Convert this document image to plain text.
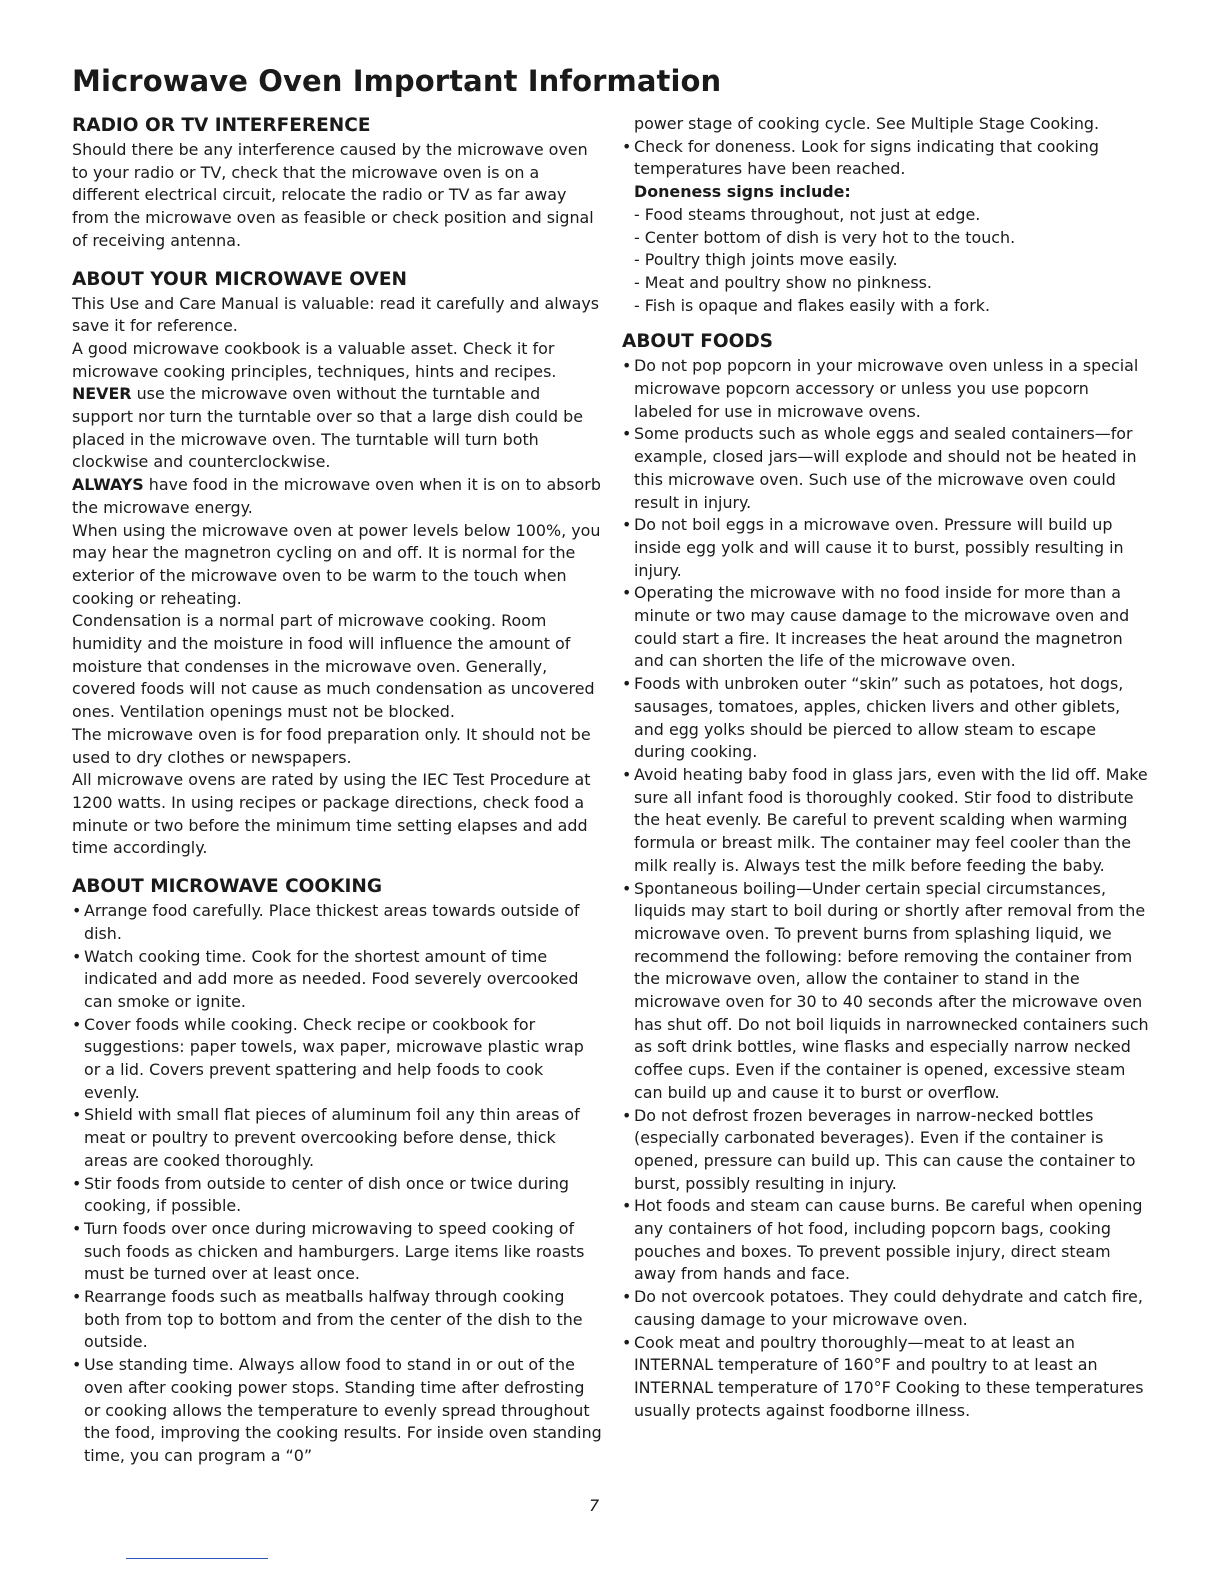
Microwave Oven Important Information
RADIO OR TV INTERFERENCE

Should there be any interference caused by the microwave oven to your radio or TV, check that the microwave oven is on a different electrical circuit, relocate the radio or TV as far away from the microwave oven as feasible or check position and signal of receiving antenna.

ABOUT YOUR MICROWAVE OVEN

This Use and Care Manual is valuable: read it carefully and always save it for reference.

A good microwave cookbook is a valuable asset. Check it for microwave cooking principles, techniques, hints and recipes.

NEVER use the microwave oven without the turntable and support nor turn the turntable over so that a large dish could be placed in the microwave oven. The turntable will turn both clockwise and counterclockwise.

ALWAYS have food in the microwave oven when it is on to absorb the microwave energy.

When using the microwave oven at power levels below 100%, you may hear the magnetron cycling on and off. It is normal for the exterior of the microwave oven to be warm to the touch when cooking or reheating.

Condensation is a normal part of microwave cooking. Room humidity and the moisture in food will influence the amount of moisture that condenses in the microwave oven. Generally, covered foods will not cause as much condensation as uncovered ones. Ventilation openings must not be blocked.

The microwave oven is for food preparation only. It should not be used to dry clothes or newspapers.

All microwave ovens are rated by using the IEC Test Procedure at 1200 watts. In using recipes or package directions, check food a minute or two before the minimum time setting elapses and add time accordingly.

ABOUT MICROWAVE COOKING
• Arrange food carefully. Place thickest areas towards outside of dish.
• Watch cooking time. Cook for the shortest amount of time indicated and add more as needed. Food severely overcooked can smoke or ignite.
• Cover foods while cooking. Check recipe or cookbook for suggestions: paper towels, wax paper, microwave plastic wrap or a lid. Covers prevent spattering and help foods to cook evenly.
• Shield with small flat pieces of aluminum foil any thin areas of meat or poultry to prevent overcooking before dense, thick areas are cooked thoroughly.
• Stir foods from outside to center of dish once or twice during cooking, if possible.
• Turn foods over once during microwaving to speed cooking of such foods as chicken and hamburgers. Large items like roasts must be turned over at least once.
• Rearrange foods such as meatballs halfway through cooking both from top to bottom and from the center of the dish to the outside.
• Use standing time. Always allow food to stand in or out of the oven after cooking power stops. Standing time after defrosting or cooking allows the temperature to evenly spread throughout the food, improving the cooking results. For inside oven standing time, you can program a “0”

power stage of cooking cycle. See Multiple Stage Cooking.

• Check for doneness. Look for signs indicating that cooking temperatures have been reached.

Doneness signs include:

- Food steams throughout, not just at edge.
- Center bottom of dish is very hot to the touch.
- Poultry thigh joints move easily.
- Meat and poultry show no pinkness.
- Fish is opaque and flakes easily with a fork.
ABOUT FOODS
• Do not pop popcorn in your microwave oven unless in a special microwave popcorn accessory or unless you use popcorn labeled for use in microwave ovens.
• Some products such as whole eggs and sealed containers—for example, closed jars—will explode and should not be heated in this microwave oven. Such use of the microwave oven could result in injury.
• Do not boil eggs in a microwave oven. Pressure will build up inside egg yolk and will cause it to burst, possibly resulting in injury.
• Operating the microwave with no food inside for more than a minute or two may cause damage to the microwave oven and could start a fire. It increases the heat around the magnetron and can shorten the life of the microwave oven.
• Foods with unbroken outer “skin” such as potatoes, hot dogs, sausages, tomatoes, apples, chicken livers and other giblets, and egg yolks should be pierced to allow steam to escape during cooking.
• Avoid heating baby food in glass jars, even with the lid off. Make sure all infant food is thoroughly cooked. Stir food to distribute the heat evenly. Be careful to prevent scalding when warming formula or breast milk. The container may feel cooler than the milk really is. Always test the milk before feeding the baby.
• Spontaneous boiling—Under certain special circumstances, liquids may start to boil during or shortly after removal from the microwave oven. To prevent burns from splashing liquid, we recommend the following: before removing the container from the microwave oven, allow the container to stand in the microwave oven for 30 to 40 seconds after the microwave oven has shut off. Do not boil liquids in narrownecked containers such as soft drink bottles, wine flasks and especially narrow necked coffee cups. Even if the container is opened, excessive steam can build up and cause it to burst or overflow.
• Do not defrost frozen beverages in narrow-necked bottles (especially carbonated beverages). Even if the container is opened, pressure can build up. This can cause the container to burst, possibly resulting in injury.
• Hot foods and steam can cause burns. Be careful when opening any containers of hot food, including popcorn bags, cooking pouches and boxes. To prevent possible injury, direct steam away from hands and face.
• Do not overcook potatoes. They could dehydrate and catch fire, causing damage to your microwave oven.
• Cook meat and poultry thoroughly—meat to at least an INTERNAL temperature of 160°F and poultry to at least an INTERNAL temperature of 170°F Cooking to these temperatures usually protects against foodborne illness.
7
